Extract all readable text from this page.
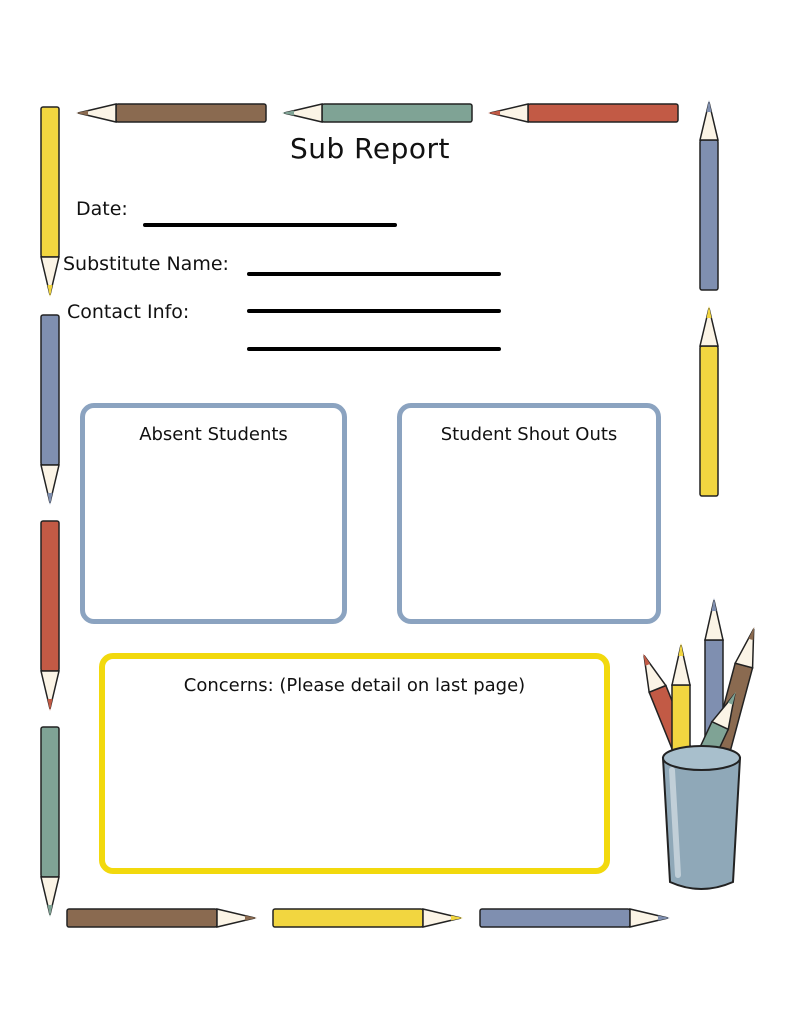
Sub Report
Date:
Substitute Name:
Contact Info:
Absent Students	Student Shout Outs
Concerns: (Please detail on last page)
